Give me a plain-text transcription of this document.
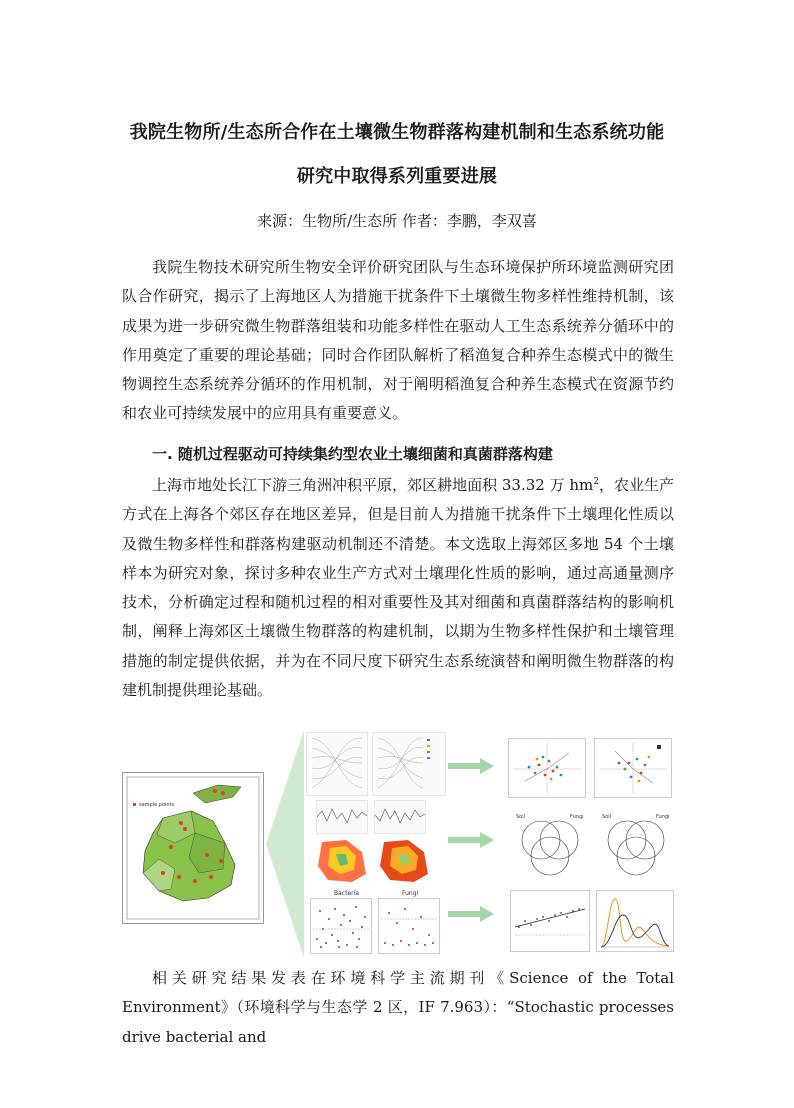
我院生物所/生态所合作在土壤微生物群落构建机制和生态系统功能
研究中取得系列重要进展
来源：生物所/生态所 作者：李鹏，李双喜

我院生物技术研究所生物安全评价研究团队与生态环境保护所环境监测研究团队合作研究，揭示了上海地区人为措施干扰条件下土壤微生物多样性维持机制，该成果为进一步研究微生物群落组装和功能多样性在驱动人工生态系统养分循环中的作用奠定了重要的理论基础；同时合作团队解析了稻渔复合种养生态模式中的微生物调控生态系统养分循环的作用机制，对于阐明稻渔复合种养生态模式在资源节约和农业可持续发展中的应用具有重要意义。

一. 随机过程驱动可持续集约型农业土壤细菌和真菌群落构建

上海市地处长江下游三角洲冲积平原，郊区耕地面积 33.32 万 $hm^2$，农业生产方式在上海各个郊区存在地区差异，但是目前人为措施干扰条件下土壤理化性质以及微生物多样性和群落构建驱动机制还不清楚。本文选取上海郊区多地 54 个土壤样本为研究对象，探讨多种农业生产方式对土壤理化性质的影响，通过高通量测序技术，分析确定过程和随机过程的相对重要性及其对细菌和真菌群落结构的影响机制，阐释上海郊区土壤微生物群落的构建机制，以期为生物多样性保护和土壤管理措施的制定提供依据，并为在不同尺度下研究生态系统演替和阐明微生物群落的构建机制提供理论基础。

sample points
Bacteria	Fungi
Soil	Fungi	Soil	Fungi

相关研究结果发表在环境科学主流期刊《Science of the Total Environment》（环境科学与生态学 2 区，IF 7.963）：“Stochastic processes drive bacterial and
